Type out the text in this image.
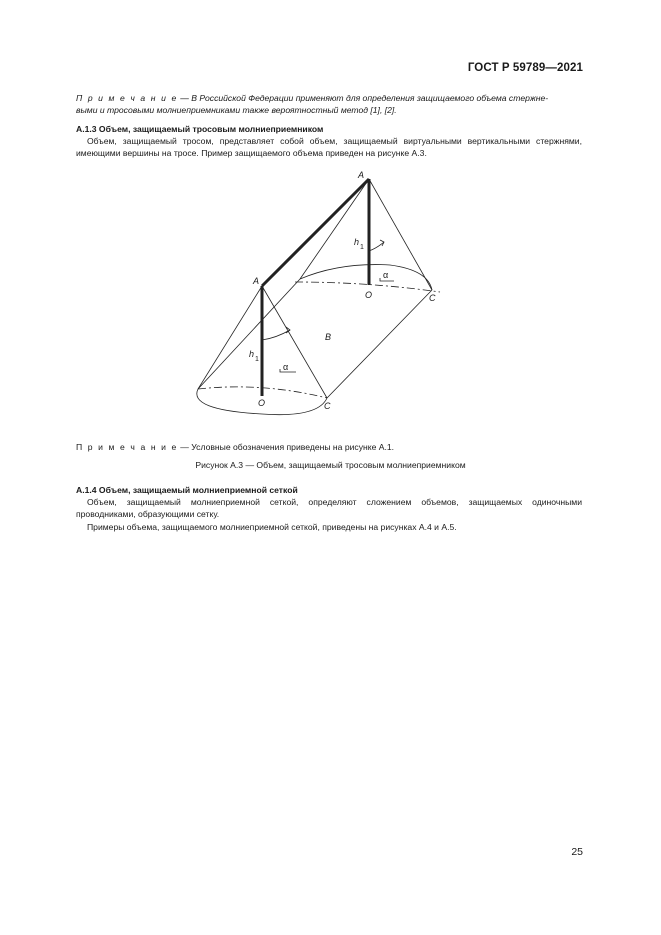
ГОСТ Р 59789—2021
П р и м е ч а н и е — В Российской Федерации применяют для определения защищаемого объема стержне-
выми и тросовыми молниеприемниками также вероятностный метод [1], [2].
А.1.3 Объем, защищаемый тросовым молниеприемником
Объем, защищаемый тросом, представляет собой объем, защищаемый виртуальными вертикальными стержнями, имеющими вершины на тросе. Пример защищаемого объема приведен на рисунке А.3.
A
A
h
1
h
1
α
α
O
O
C
C
B
П р и м е ч а н и е — Условные обозначения приведены на рисунке А.1.
Рисунок А.3 — Объем, защищаемый тросовым молниеприемником
А.1.4 Объем, защищаемый молниеприемной сеткой
Объем, защищаемый молниеприемной сеткой, определяют сложением объемов, защищаемых одиночными проводниками, образующими сетку.
Примеры объема, защищаемого молниеприемной сеткой, приведены на рисунках А.4 и А.5.
25
